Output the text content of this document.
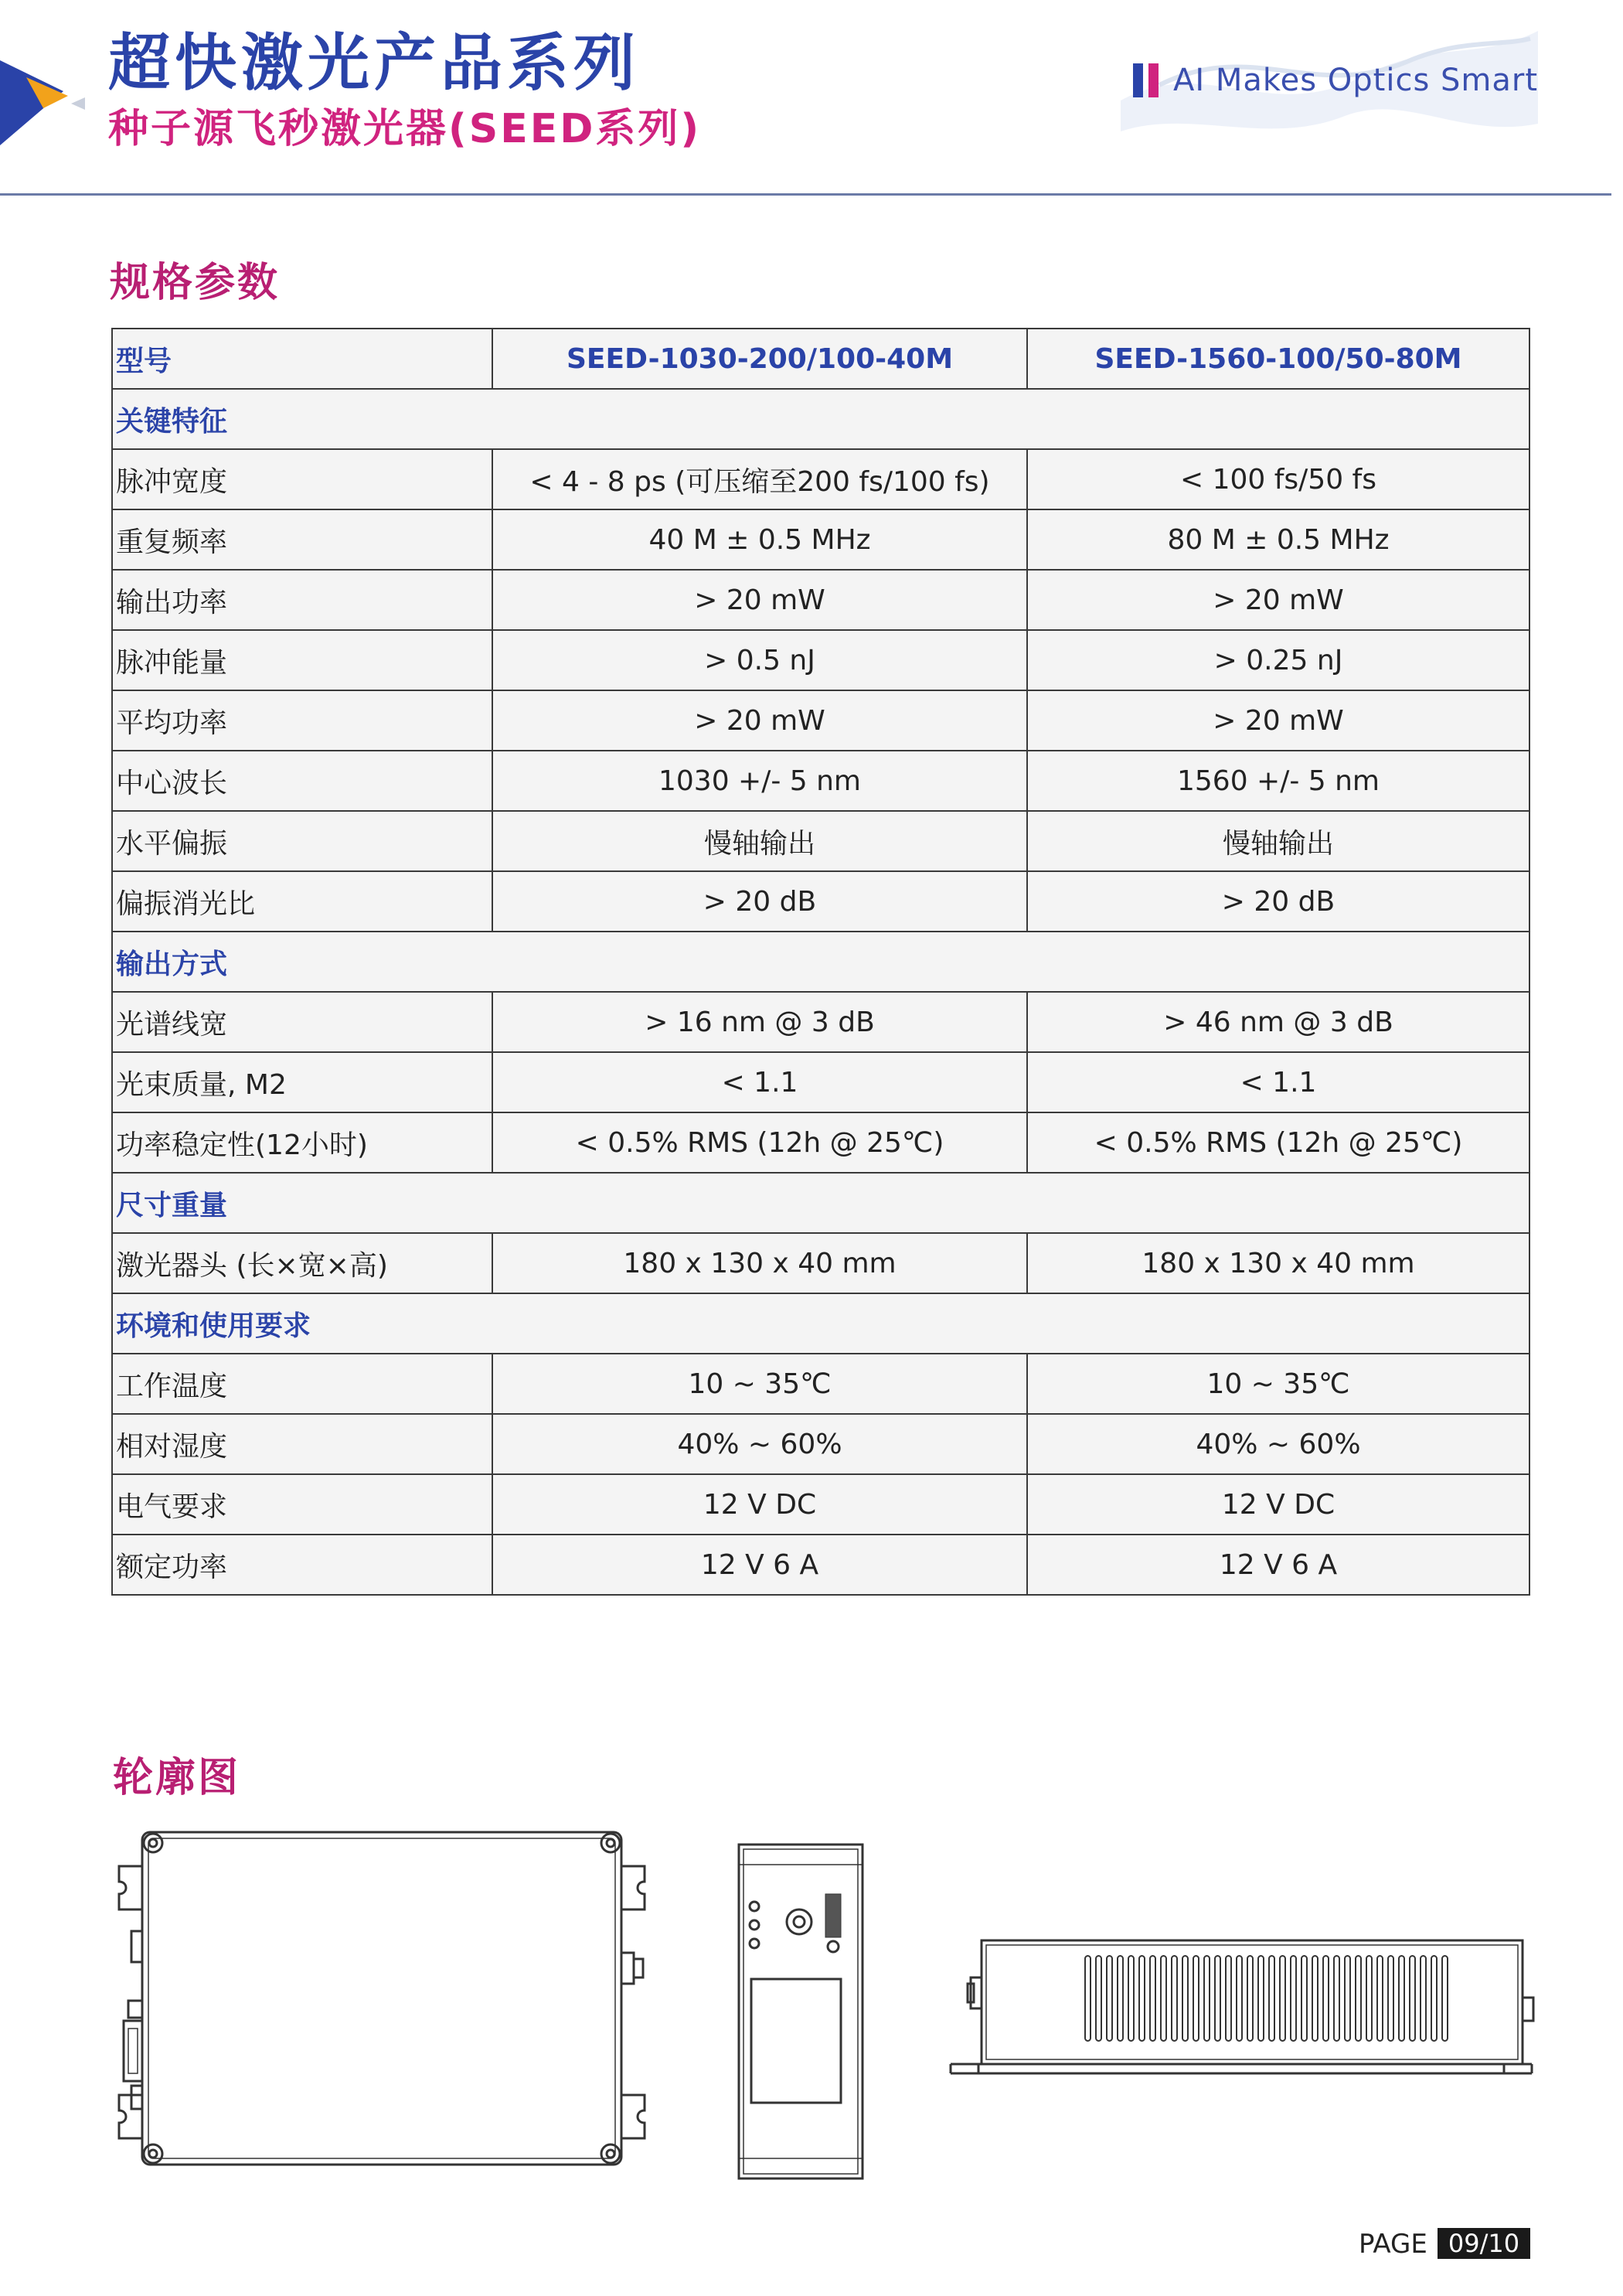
超快激光产品系列
种子源飞秒激光器(SEED系列)
AI Makes Optics Smart
规格参数
型号	SEED-1030-200/100-40M	SEED-1560-100/50-80M
关键特征		
脉冲宽度	< 4 - 8 ps (可压缩至200 fs/100 fs)	< 100 fs/50 fs
重复频率	40 M ± 0.5 MHz	80 M ± 0.5 MHz
输出功率	> 20 mW	> 20 mW
脉冲能量	> 0.5 nJ	> 0.25 nJ
平均功率	> 20 mW	> 20 mW
中心波长	1030 +/- 5 nm	1560 +/- 5 nm
水平偏振	慢轴输出	慢轴输出
偏振消光比	> 20 dB	> 20 dB
输出方式		
光谱线宽	> 16 nm @ 3 dB	> 46 nm @ 3 dB
光束质量, M2	< 1.1	< 1.1
功率稳定性(12小时)	< 0.5% RMS (12h @ 25℃)	< 0.5% RMS (12h @ 25℃)
尺寸重量		
激光器头 (长×宽×高)	180 x 130 x 40 mm	180 x 130 x 40 mm
环境和使用要求		
工作温度	10 ~ 35℃	10 ~ 35℃
相对湿度	40% ~ 60%	40% ~ 60%
电气要求	12 V DC	12 V DC
额定功率	12 V 6 A	12 V 6 A
轮廓图
PAGE 09/10
